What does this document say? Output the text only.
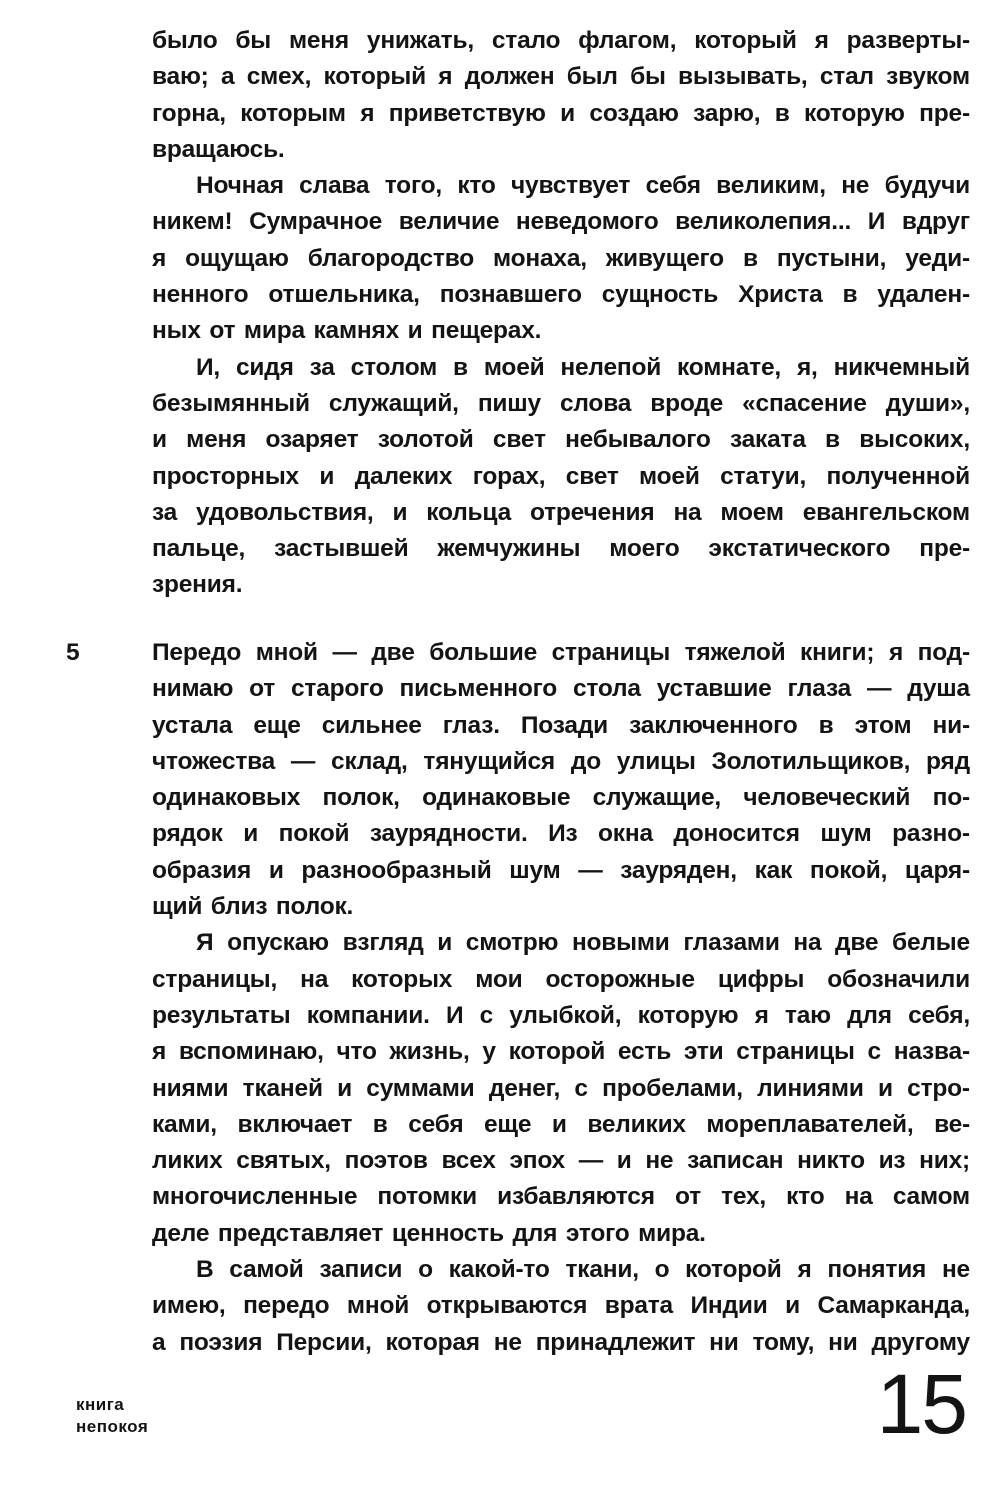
было бы меня унижать, стало флагом, который я разверты-
ваю; а смех, который я должен был бы вызывать, стал звуком
горна, которым я приветствую и создаю зарю, в которую пре-
вращаюсь.
Ночная слава того, кто чувствует себя великим, не будучи
никем! Сумрачное величие неведомого великолепия... И вдруг
я ощущаю благородство монаха, живущего в пустыни, уеди-
ненного отшельника, познавшего сущность Христа в удален-
ных от мира камнях и пещерах.
И, сидя за столом в моей нелепой комнате, я, никчемный
безымянный служащий, пишу слова вроде «спасение души»,
и меня озаряет золотой свет небывалого заката в высоких,
просторных и далеких горах, свет моей статуи, полученной
за удовольствия, и кольца отречения на моем евангельском
пальце, застывшей жемчужины моего экстатического пре-
зрения.
5	Передо мной — две большие страницы тяжелой книги; я под-
нимаю от старого письменного стола уставшие глаза — душа
устала еще сильнее глаз. Позади заключенного в этом ни-
чтожества — склад, тянущийся до улицы Золотильщиков, ряд
одинаковых полок, одинаковые служащие, человеческий по-
рядок и покой заурядности. Из окна доносится шум разно-
образия и разнообразный шум — зауряден, как покой, царя-
щий близ полок.
Я опускаю взгляд и смотрю новыми глазами на две белые
страницы, на которых мои осторожные цифры обозначили
результаты компании. И с улыбкой, которую я таю для себя,
я вспоминаю, что жизнь, у которой есть эти страницы с назва-
ниями тканей и суммами денег, с пробелами, линиями и стро-
ками, включает в себя еще и великих мореплавателей, ве-
ликих святых, поэтов всех эпох — и не записан никто из них;
многочисленные потомки избавляются от тех, кто на самом
деле представляет ценность для этого мира.
В самой записи о какой-то ткани, о которой я понятия не
имею, передо мной открываются врата Индии и Самарканда,
а поэзия Персии, которая не принадлежит ни тому, ни другому
книга
непокоя	15
